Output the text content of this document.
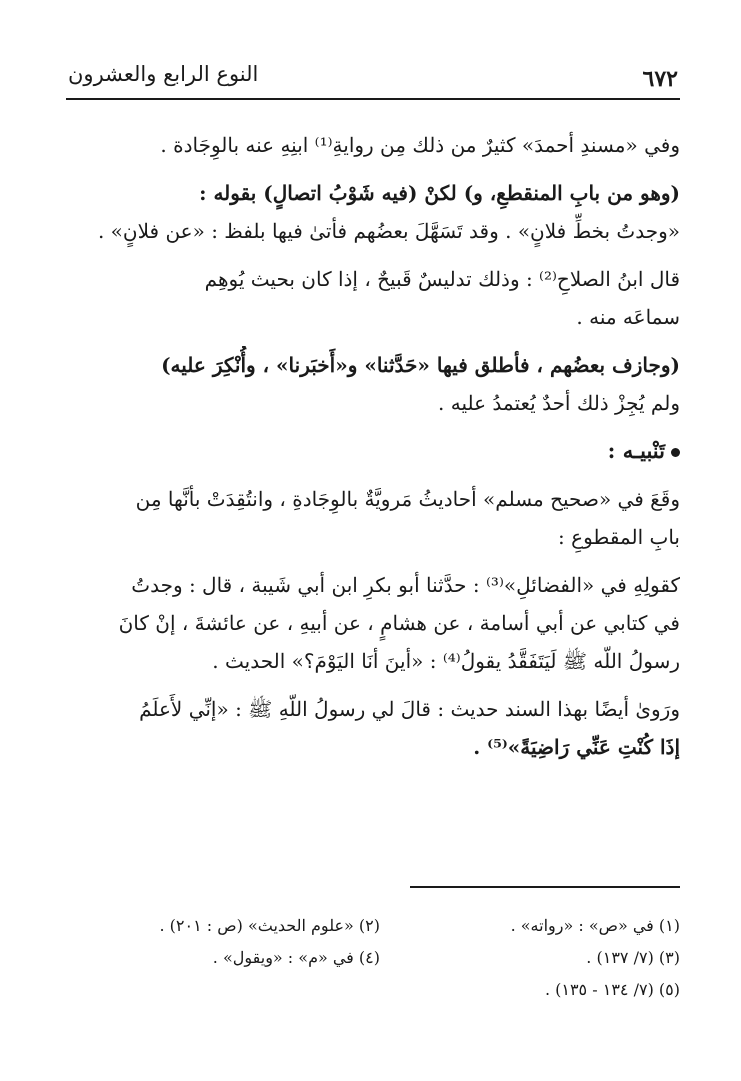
٦٧٢
النوع الرابع والعشرون

وفي «مسندِ أحمدَ» كثيرٌ من ذلك مِن روايةِ⁽¹⁾ ابنِهِ عنه بالوِجَادة .

(وهو من بابِ المنقطعِ، و) لكنْ (فيه شَوْبُ اتصالٍ) بقوله :
«وجدتُ بخطِّ فلانٍ» . وقد تَسَهَّلَ بعضُهم فأتىٰ فيها بلفظ : «عن فلانٍ» .

قال ابنُ الصلاحِ⁽²⁾ : وذلك تدليسٌ قَبيحٌ ، إذا كان بحيث يُوهِم
سماعَه منه .

(وجازف بعضُهم ، فأطلق فيها «حَدَّثنا» و«أَخبَرنا» ، وأُنْكِرَ عليه)
ولم يُجِزْ ذلك أحدٌ يُعتمدُ عليه .

تَنْبيـه :

وقَعَ في «صحيح مسلم» أحاديثُ مَرويَّةٌ بالوِجَادةِ ، وانتُقِدَتْ بأنَّها مِن
بابِ المقطوعِ :

كقولِهِ في «الفضائلِ»⁽³⁾ : حدَّثنا أبو بكرِ ابن أبي شَيبة ، قال : وجدتُ
في كتابي عن أبي أسامة ، عن هشامٍ ، عن أبيهِ ، عن عائشةَ ، إنْ كانَ
رسولُ اللّه ﷺ لَيَتَفَقَّدُ يقولُ⁽⁴⁾ : «أينَ أنَا اليَوْمَ؟» الحديث .

ورَوىٰ أيضًا بهذا السند حديث : قالَ لي رسولُ اللّهِ ﷺ : «إنِّي لأَعلَمُ
إذَا كُنْتِ عَنِّي رَاضِيَةً»⁽⁵⁾ .

(١) في «ص» : «رواته» .
(٢) «علوم الحديث» (ص : ٢٠١) .
(٣) (٧/ ١٣٧) .
(٤) في «م» : «ويقول» .
(٥) (٧/ ١٣٤ - ١٣٥) .
